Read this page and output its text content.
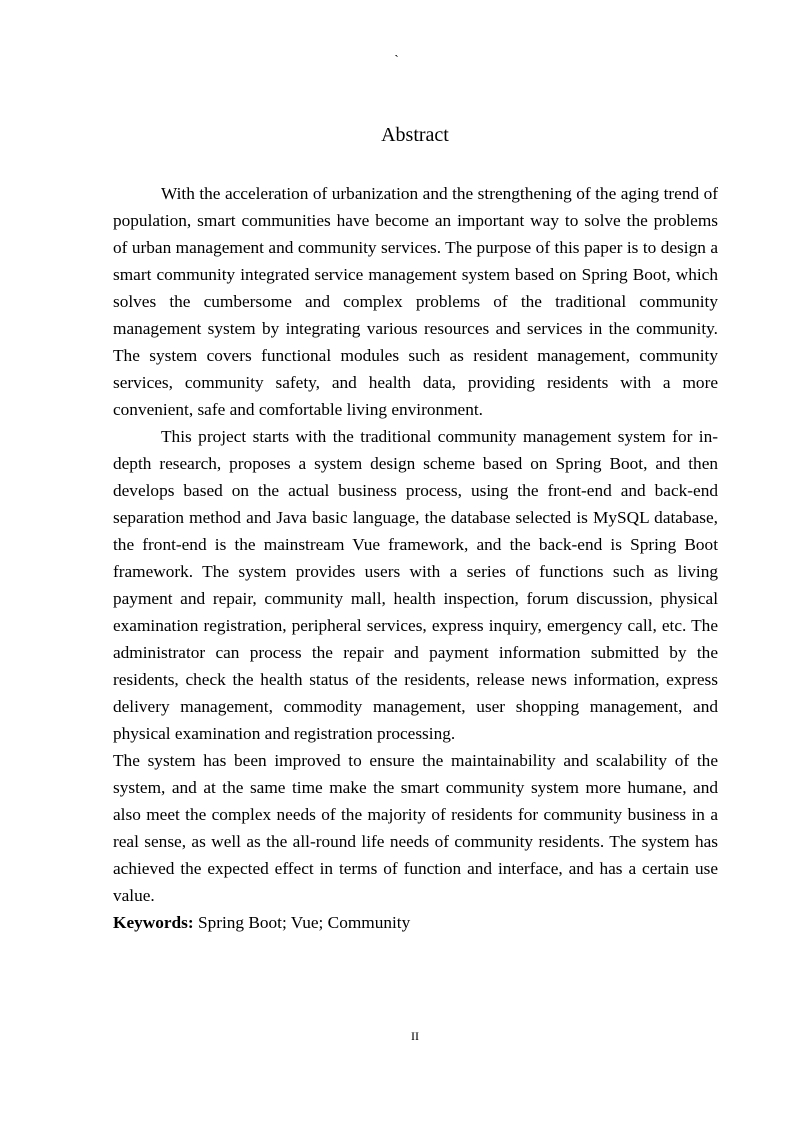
`
Abstract

With the acceleration of urbanization and the strengthening of the aging trend of population, smart communities have become an important way to solve the problems of urban management and community services. The purpose of this paper is to design a smart community integrated service management system based on Spring Boot, which solves the cumbersome and complex problems of the traditional community management system by integrating various resources and services in the community. The system covers functional modules such as resident management, community services, community safety, and health data, providing residents with a more convenient, safe and comfortable living environment.

This project starts with the traditional community management system for in-depth research, proposes a system design scheme based on Spring Boot, and then develops based on the actual business process, using the front-end and back-end separation method and Java basic language, the database selected is MySQL database, the front-end is the mainstream Vue framework, and the back-end is Spring Boot framework. The system provides users with a series of functions such as living payment and repair, community mall, health inspection, forum discussion, physical examination registration, peripheral services, express inquiry, emergency call, etc. The administrator can process the repair and payment information submitted by the residents, check the health status of the residents, release news information, express delivery management, commodity management, user shopping management, and physical examination and registration processing.

The system has been improved to ensure the maintainability and scalability of the system, and at the same time make the smart community system more humane, and also meet the complex needs of the majority of residents for community business in a real sense, as well as the all-round life needs of community residents. The system has achieved the expected effect in terms of function and interface, and has a certain use value.

Keywords: Spring Boot; Vue; Community

II
